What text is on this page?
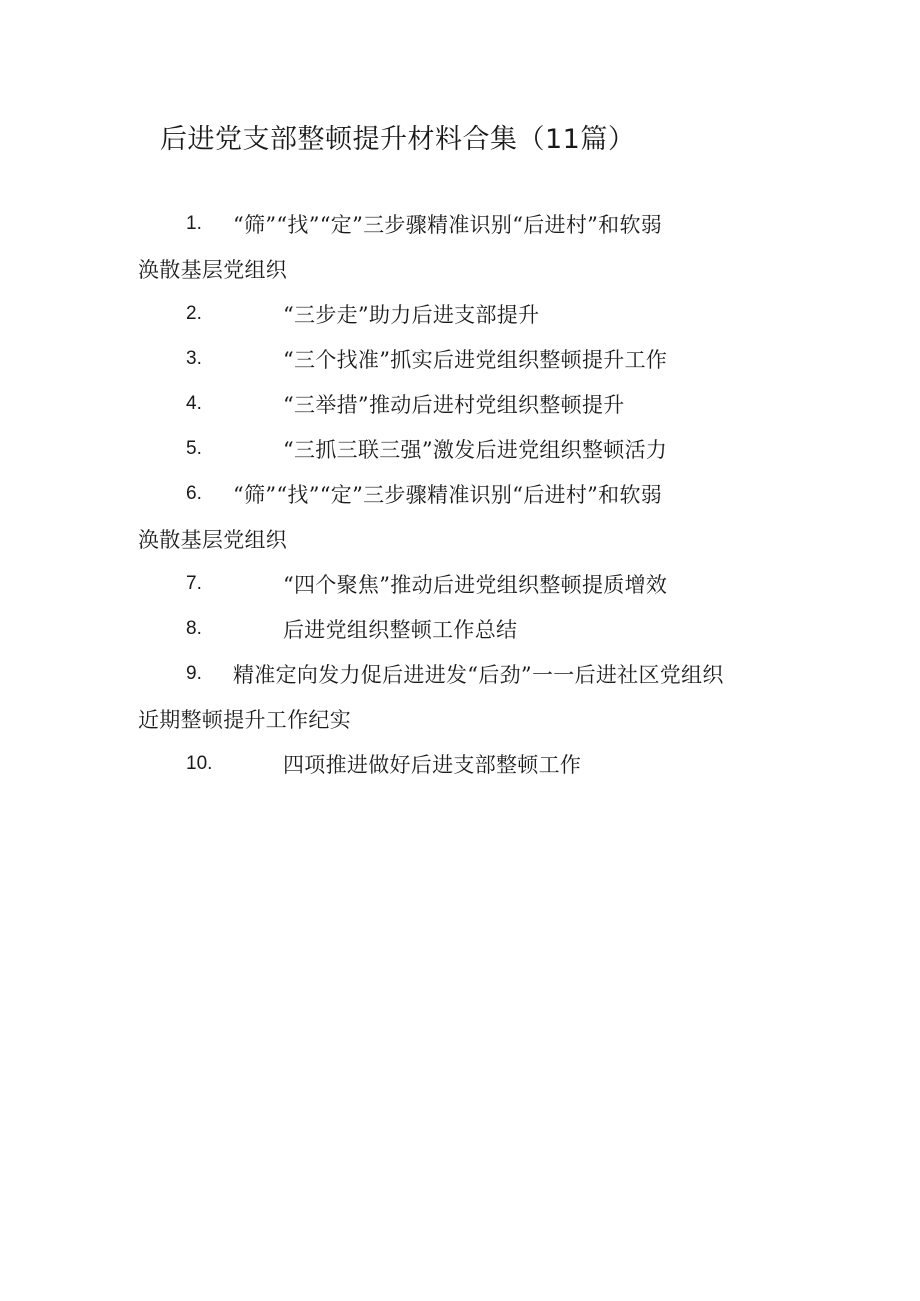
后进党支部整顿提升材料合集（11篇）
1. “筛”“找”“定”三步骤精准识别“后进村”和软弱
涣散基层党组织
2.	“三步走”助力后进支部提升
3.	“三个找准”抓实后进党组织整顿提升工作
4.	“三举措”推动后进村党组织整顿提升
5.	“三抓三联三强”激发后进党组织整顿活力
6. “筛”“找”“定”三步骤精准识别“后进村”和软弱
涣散基层党组织
7.	“四个聚焦”推动后进党组织整顿提质增效
8.	后进党组织整顿工作总结
9. 精准定向发力促后进进发“后劲”一一后进社区党组织
近期整顿提升工作纪实
10.	四项推进做好后进支部整顿工作
